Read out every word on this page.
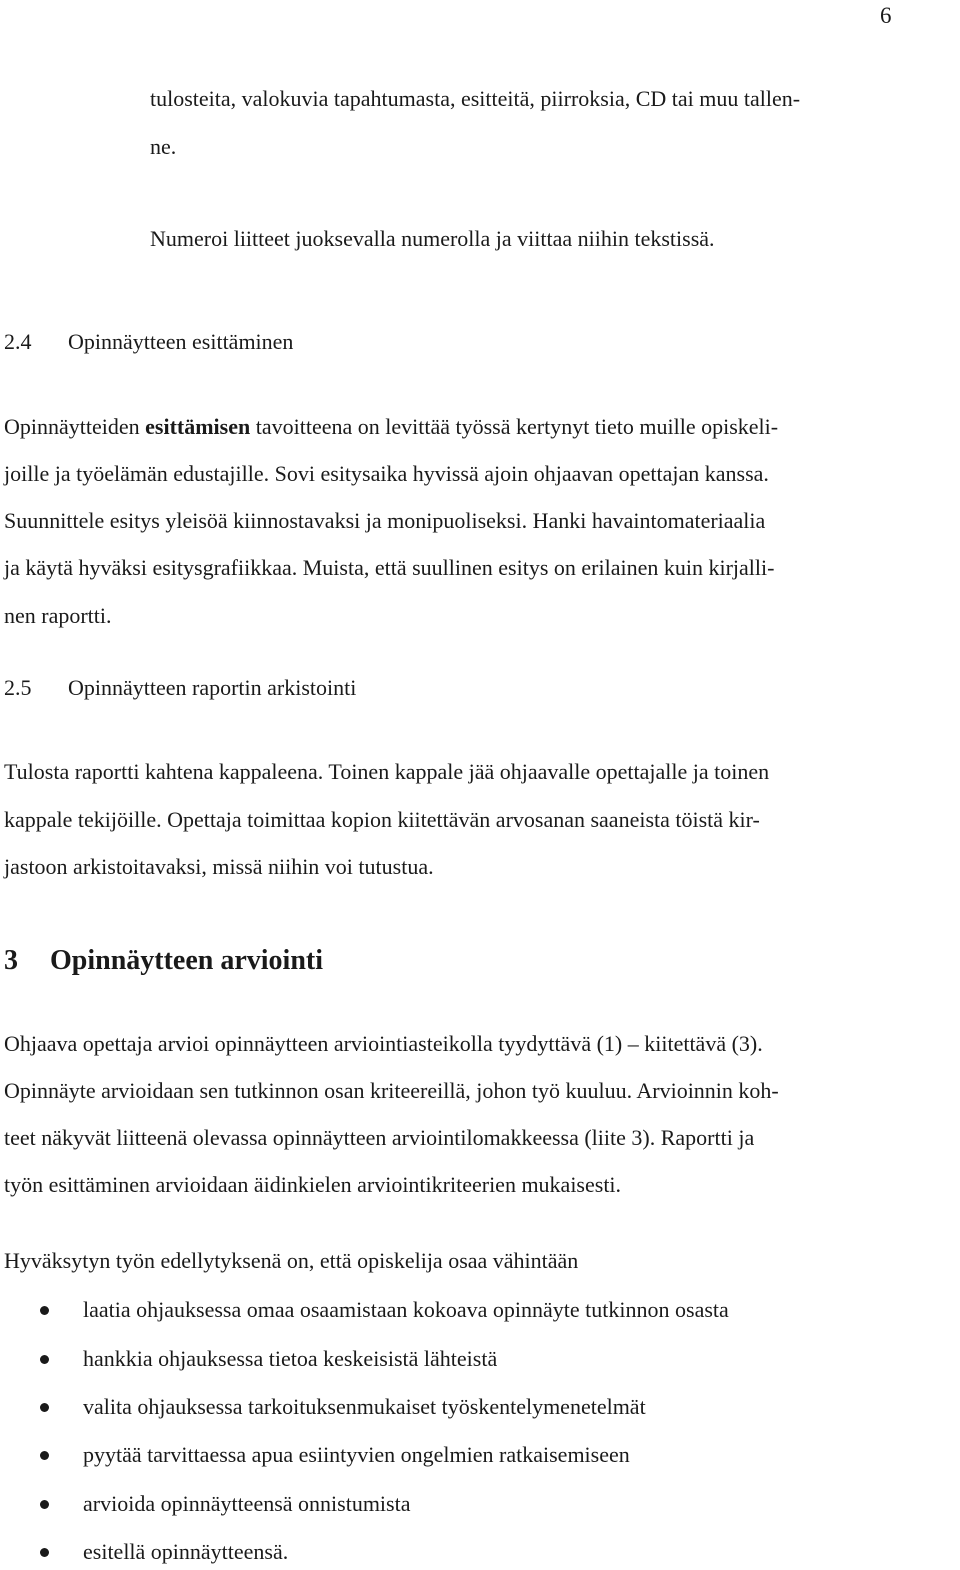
6
tulosteita, valokuvia tapahtumasta, esitteitä, piirroksia, CD tai muu tallen-
ne.
Numeroi liitteet juoksevalla numerolla ja viittaa niihin tekstissä.
2.4 Opinnäytteen esittäminen
Opinnäytteiden esittämisen tavoitteena on levittää työssä kertynyt tieto muille opiskeli-
joille ja työelämän edustajille. Sovi esitysaika hyvissä ajoin ohjaavan opettajan kanssa.
Suunnittele esitys yleisöä kiinnostavaksi ja monipuoliseksi. Hanki havaintomateriaalia
ja käytä hyväksi esitysgrafiikkaa. Muista, että suullinen esitys on erilainen kuin kirjalli-
nen raportti.
2.5 Opinnäytteen raportin arkistointi
Tulosta raportti kahtena kappaleena. Toinen kappale jää ohjaavalle opettajalle ja toinen
kappale tekijöille. Opettaja toimittaa kopion kiitettävän arvosanan saaneista töistä kir-
jastoon arkistoitavaksi, missä niihin voi tutustua.
3 Opinnäytteen arviointi
Ohjaava opettaja arvioi opinnäytteen arviointiasteikolla tyydyttävä (1) – kiitettävä (3).
Opinnäyte arvioidaan sen tutkinnon osan kriteereillä, johon työ kuuluu. Arvioinnin koh-
teet näkyvät liitteenä olevassa opinnäytteen arviointilomakkeessa (liite 3). Raportti ja
työn esittäminen arvioidaan äidinkielen arviointikriteerien mukaisesti.
Hyväksytyn työn edellytyksenä on, että opiskelija osaa vähintään
laatia ohjauksessa omaa osaamistaan kokoava opinnäyte tutkinnon osasta
hankkia ohjauksessa tietoa keskeisistä lähteistä
valita ohjauksessa tarkoituksenmukaiset työskentelymenetelmät
pyytää tarvittaessa apua esiintyvien ongelmien ratkaisemiseen
arvioida opinnäytteensä onnistumista
esitellä opinnäytteensä.
